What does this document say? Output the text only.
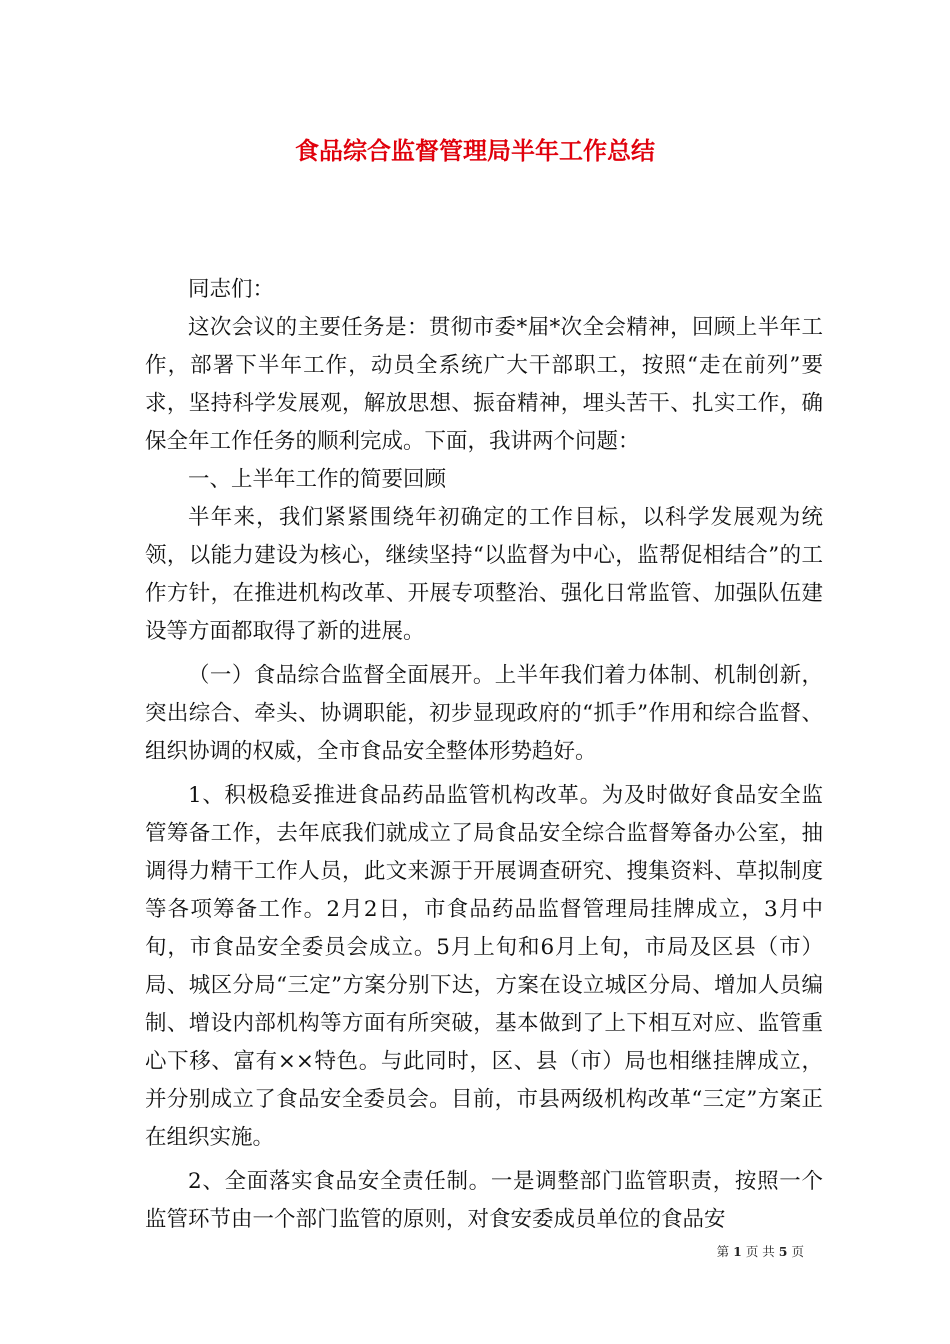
食品综合监督管理局半年工作总结

同志们：

这次会议的主要任务是：贯彻市委*届*次全会精神，回顾上半年工作，部署下半年工作，动员全系统广大干部职工，按照“走在前列”要求，坚持科学发展观，解放思想、振奋精神，埋头苦干、扎实工作，确保全年工作任务的顺利完成。下面，我讲两个问题：

一、上半年工作的简要回顾

半年来，我们紧紧围绕年初确定的工作目标，以科学发展观为统领，以能力建设为核心，继续坚持“以监督为中心，监帮促相结合”的工作方针，在推进机构改革、开展专项整治、强化日常监管、加强队伍建设等方面都取得了新的进展。

（一）食品综合监督全面展开。上半年我们着力体制、机制创新，突出综合、牵头、协调职能，初步显现政府的“抓手”作用和综合监督、组织协调的权威，全市食品安全整体形势趋好。

1、积极稳妥推进食品药品监管机构改革。为及时做好食品安全监管筹备工作，去年底我们就成立了局食品安全综合监督筹备办公室，抽调得力精干工作人员，此文来源于开展调查研究、搜集资料、草拟制度等各项筹备工作。2月2日，市食品药品监督管理局挂牌成立，3月中旬，市食品安全委员会成立。5月上旬和6月上旬，市局及区县（市）局、城区分局“三定”方案分别下达，方案在设立城区分局、增加人员编制、增设内部机构等方面有所突破，基本做到了上下相互对应、监管重心下移、富有××特色。与此同时，区、县（市）局也相继挂牌成立，并分别成立了食品安全委员会。目前，市县两级机构改革“三定”方案正在组织实施。

2、全面落实食品安全责任制。一是调整部门监管职责，按照一个监管环节由一个部门监管的原则，对食安委成员单位的食品安

第 1 页 共 5 页
